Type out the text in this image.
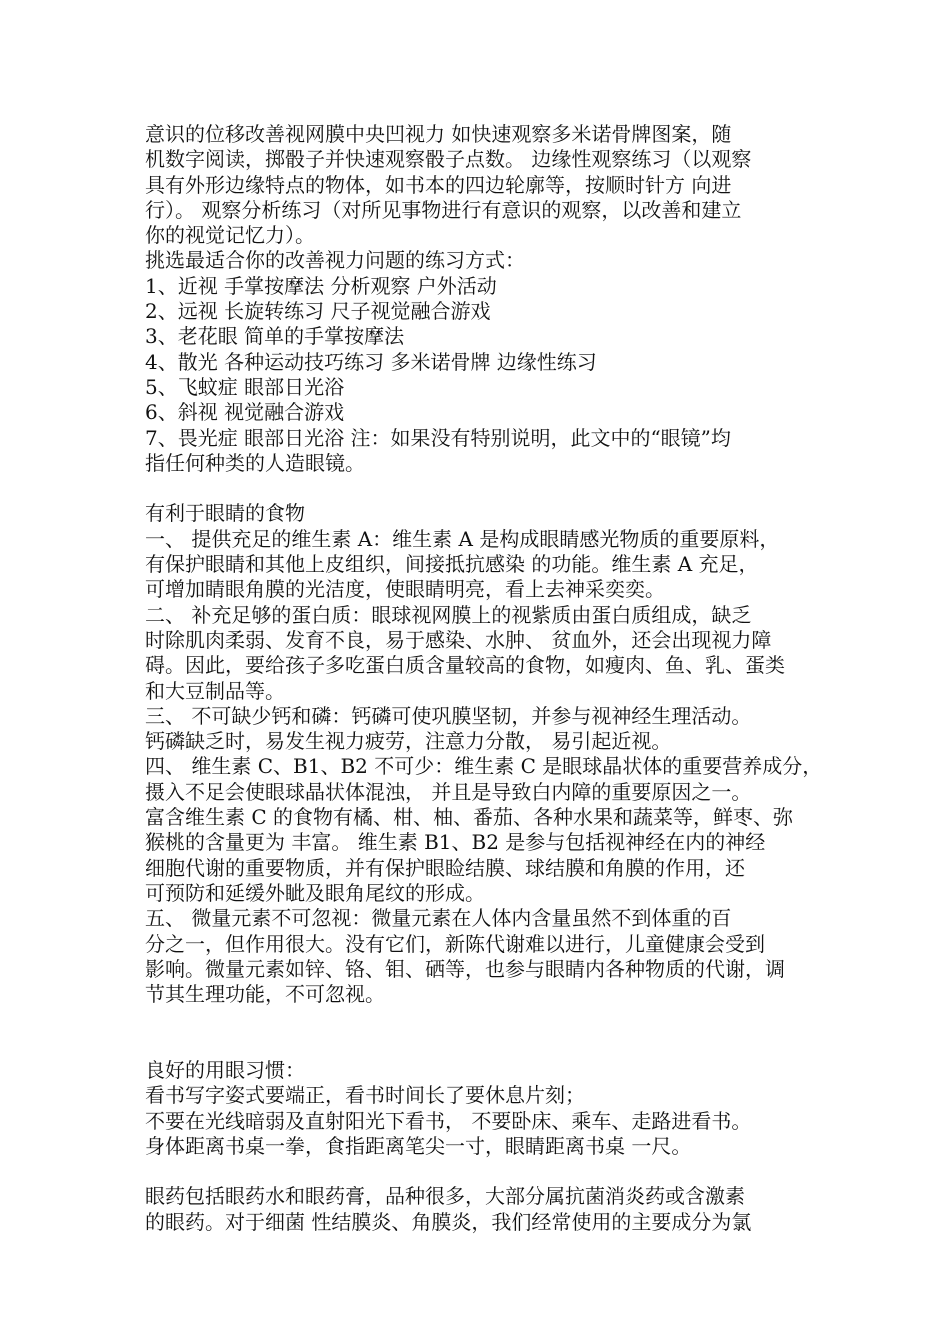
意识的位移改善视网膜中央凹视力 如快速观察多米诺骨牌图案，随
机数字阅读，掷骰子并快速观察骰子点数。 边缘性观察练习（以观察
具有外形边缘特点的物体，如书本的四边轮廓等，按顺时针方 向进
行）。 观察分析练习（对所见事物进行有意识的观察，以改善和建立
你的视觉记忆力）。
挑选最适合你的改善视力问题的练习方式：
1、近视 手掌按摩法 分析观察 户外活动
2、远视 长旋转练习 尺子视觉融合游戏
3、老花眼 简单的手掌按摩法
4、散光 各种运动技巧练习 多米诺骨牌 边缘性练习
5、飞蚊症 眼部日光浴
6、斜视 视觉融合游戏
7、畏光症 眼部日光浴 注：如果没有特别说明，此文中的“眼镜”均
指任何种类的人造眼镜。
有利于眼睛的食物
一、 提供充足的维生素 A：维生素 A 是构成眼睛感光物质的重要原料，
有保护眼睛和其他上皮组织，间接抵抗感染 的功能。维生素 A 充足，
可增加睛眼角膜的光洁度，使眼睛明亮，看上去神采奕奕。
二、 补充足够的蛋白质：眼球视网膜上的视紫质由蛋白质组成，缺乏
时除肌肉柔弱、发育不良，易于感染、水肿、 贫血外，还会出现视力障
碍。因此，要给孩子多吃蛋白质含量较高的食物，如瘦肉、鱼、乳、蛋类
和大豆制品等。
三、 不可缺少钙和磷：钙磷可使巩膜坚韧，并参与视神经生理活动。
钙磷缺乏时，易发生视力疲劳，注意力分散， 易引起近视。
四、 维生素 C、B1、B2 不可少：维生素 C 是眼球晶状体的重要营养成分，
摄入不足会使眼球晶状体混浊， 并且是导致白内障的重要原因之一。
富含维生素 C 的食物有橘、柑、柚、番茄、各种水果和蔬菜等，鲜枣、弥
猴桃的含量更为 丰富。 维生素 B1、B2 是参与包括视神经在内的神经
细胞代谢的重要物质，并有保护眼睑结膜、球结膜和角膜的作用，还
可预防和延缓外眦及眼角尾纹的形成。
五、 微量元素不可忽视：微量元素在人体内含量虽然不到体重的百
分之一，但作用很大。没有它们，新陈代谢难以进行，儿童健康会受到
影响。微量元素如锌、铬、钼、硒等，也参与眼睛内各种物质的代谢，调
节其生理功能，不可忽视。
良好的用眼习惯：
看书写字姿式要端正，看书时间长了要休息片刻；
不要在光线暗弱及直射阳光下看书， 不要卧床、乘车、走路进看书。
身体距离书桌一拳，食指距离笔尖一寸，眼睛距离书桌 一尺。
眼药包括眼药水和眼药膏，品种很多，大部分属抗菌消炎药或含激素
的眼药。对于细菌 性结膜炎、角膜炎，我们经常使用的主要成分为氯
